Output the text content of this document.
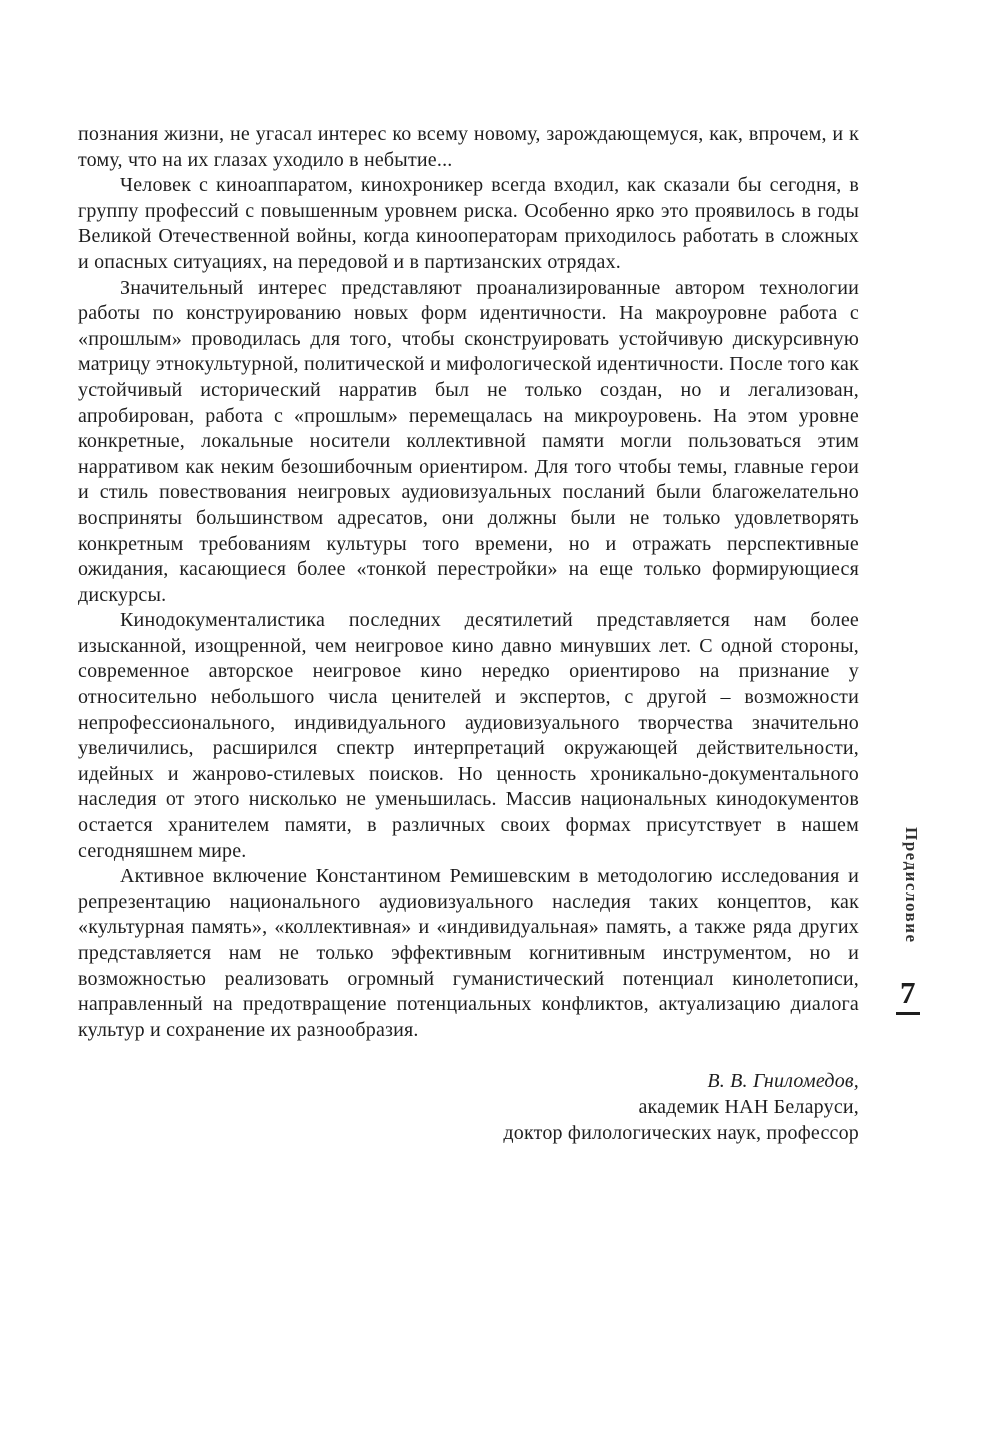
познания жизни, не угасал интерес ко всему новому, зарождающемуся, как, впрочем, и к тому, что на их глазах уходило в небытие...

Человек с киноаппаратом, кинохроникер всегда входил, как сказали бы сегодня, в группу профессий с повышенным уровнем риска. Особенно ярко это проявилось в годы Великой Отечественной войны, когда кинооператорам приходилось работать в сложных и опасных ситуациях, на передовой и в партизанских отрядах.

Значительный интерес представляют проанализированные автором технологии работы по конструированию новых форм идентичности. На макроуровне работа с «прошлым» проводилась для того, чтобы сконструировать устойчивую дискурсивную матрицу этнокультурной, политической и мифологической идентичности. После того как устойчивый исторический нарратив был не только создан, но и легализован, апробирован, работа с «прошлым» перемещалась на микроуровень. На этом уровне конкретные, локальные носители коллективной памяти могли пользоваться этим нарративом как неким безошибочным ориентиром. Для того чтобы темы, главные герои и стиль повествования неигровых аудиовизуальных посланий были благожелательно восприняты большинством адресатов, они должны были не только удовлетворять конкретным требованиям культуры того времени, но и отражать перспективные ожидания, касающиеся более «тонкой перестройки» на еще только формирующиеся дискурсы.

Кинодокументалистика последних десятилетий представляется нам более изысканной, изощренной, чем неигровое кино давно минувших лет. С одной стороны, современное авторское неигровое кино нередко ориентирово на признание у относительно небольшого числа ценителей и экспертов, с другой – возможности непрофессионального, индивидуального аудиовизуального творчества значительно увеличились, расширился спектр интерпретаций окружающей действительности, идейных и жанрово-стилевых поисков. Но ценность хроникально-документального наследия от этого нисколько не уменьшилась. Массив национальных кинодокументов остается хранителем памяти, в различных своих формах присутствует в нашем сегодняшнем мире.

Активное включение Константином Ремишевским в методологию исследования и репрезентацию национального аудиовизуального наследия таких концептов, как «культурная память», «коллективная» и «индивидуальная» память, а также ряда других представляется нам не только эффективным когнитивным инструментом, но и возможностью реализовать огромный гуманистический потенциал кинолетописи, направленный на предотвращение потенциальных конфликтов, актуализацию диалога культур и сохранение их разнообразия.

В. В. Гниломедов,
академик НАН Беларуси,
доктор филологических наук, профессор
Предисловие
7
